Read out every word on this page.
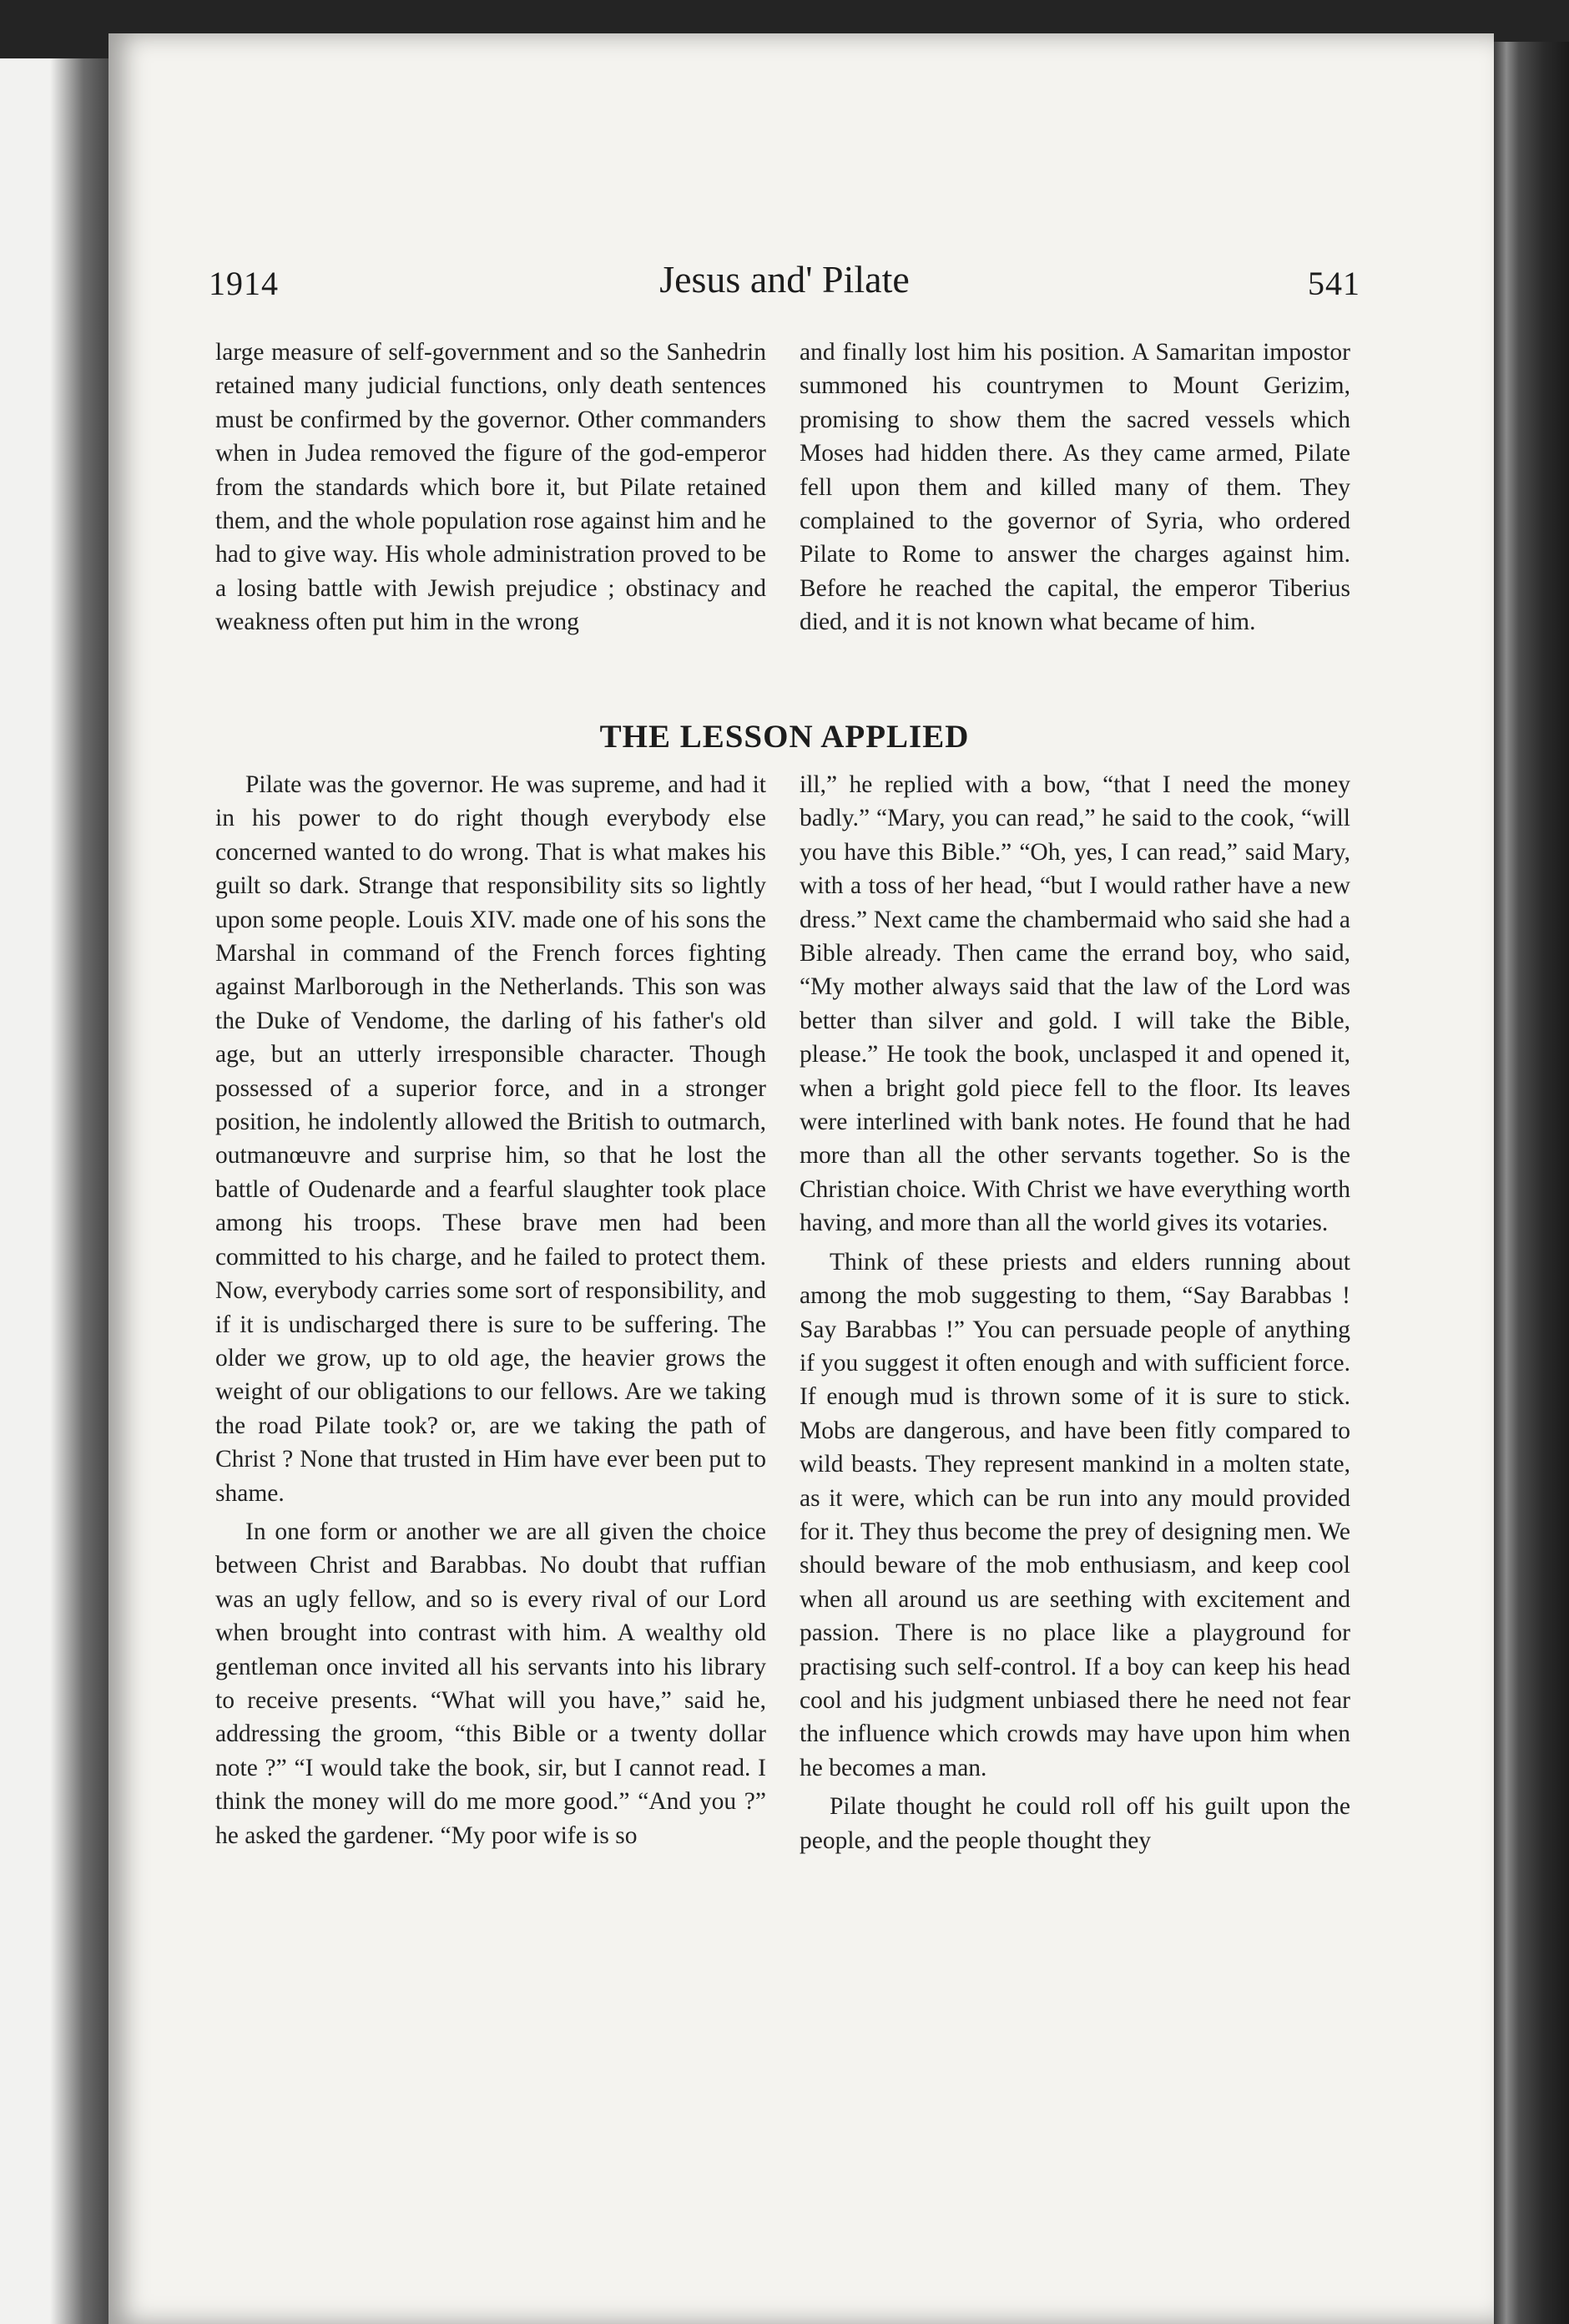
1914	Jesus and' Pilate	541

large measure of self-government and so the Sanhedrin retained many judicial functions, only death sentences must be confirmed by the governor. Other commanders when in Judea removed the figure of the god-emperor from the standards which bore it, but Pilate retained them, and the whole population rose against him and he had to give way. His whole administration proved to be a losing battle with Jewish prejudice ; obstinacy and weakness often put him in the wrong

and finally lost him his position. A Samaritan impostor summoned his countrymen to Mount Gerizim, promising to show them the sacred vessels which Moses had hidden there. As they came armed, Pilate fell upon them and killed many of them. They complained to the governor of Syria, who ordered Pilate to Rome to answer the charges against him. Before he reached the capital, the emperor Tiberius died, and it is not known what became of him.

THE LESSON APPLIED

Pilate was the governor. He was supreme, and had it in his power to do right though everybody else concerned wanted to do wrong. That is what makes his guilt so dark. Strange that responsibility sits so lightly upon some people. Louis XIV. made one of his sons the Marshal in command of the French forces fighting against Marlborough in the Netherlands. This son was the Duke of Vendome, the darling of his father's old age, but an utterly irresponsible character. Though possessed of a superior force, and in a stronger position, he indolently allowed the British to outmarch, outmanœuvre and surprise him, so that he lost the battle of Oudenarde and a fearful slaughter took place among his troops. These brave men had been committed to his charge, and he failed to protect them. Now, everybody carries some sort of responsibility, and if it is undischarged there is sure to be suffering. The older we grow, up to old age, the heavier grows the weight of our obligations to our fellows. Are we taking the road Pilate took? or, are we taking the path of Christ ? None that trusted in Him have ever been put to shame.

In one form or another we are all given the choice between Christ and Barabbas. No doubt that ruffian was an ugly fellow, and so is every rival of our Lord when brought into contrast with him. A wealthy old gentleman once invited all his servants into his library to receive presents. “What will you have,” said he, addressing the groom, “this Bible or a twenty dollar note ?” “I would take the book, sir, but I cannot read. I think the money will do me more good.” “And you ?” he asked the gardener. “My poor wife is so

ill,” he replied with a bow, “that I need the money badly.” “Mary, you can read,” he said to the cook, “will you have this Bible.” “Oh, yes, I can read,” said Mary, with a toss of her head, “but I would rather have a new dress.” Next came the chambermaid who said she had a Bible already. Then came the errand boy, who said, “My mother always said that the law of the Lord was better than silver and gold. I will take the Bible, please.” He took the book, unclasped it and opened it, when a bright gold piece fell to the floor. Its leaves were interlined with bank notes. He found that he had more than all the other servants together. So is the Christian choice. With Christ we have everything worth having, and more than all the world gives its votaries.

Think of these priests and elders running about among the mob suggesting to them, “Say Barabbas ! Say Barabbas !” You can persuade people of anything if you suggest it often enough and with sufficient force. If enough mud is thrown some of it is sure to stick. Mobs are dangerous, and have been fitly compared to wild beasts. They represent mankind in a molten state, as it were, which can be run into any mould provided for it. They thus become the prey of designing men. We should beware of the mob enthusiasm, and keep cool when all around us are seething with excitement and passion. There is no place like a playground for practising such self-control. If a boy can keep his head cool and his judgment unbiased there he need not fear the influence which crowds may have upon him when he becomes a man.

Pilate thought he could roll off his guilt upon the people, and the people thought they
